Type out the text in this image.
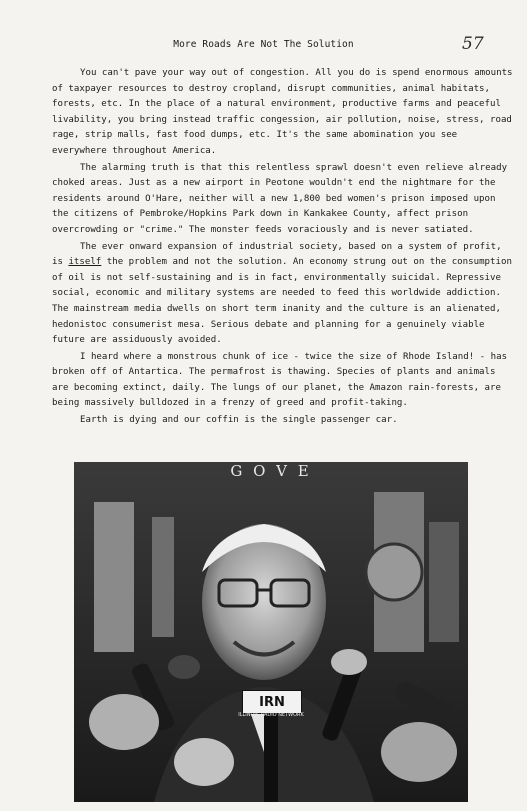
57
More Roads Are Not The Solution

You can't pave your way out of congestion. All you do is spend enormous amounts of taxpayer resources to destroy cropland, disrupt communities, animal habitats, forests, etc. In the place of a natural environment, productive farms and peaceful livability, you bring instead traffic congession, air pollution, noise, stress, road rage, strip malls, fast food dumps, etc. It's the same abomination you see everywhere throughout America.

The alarming truth is that this relentless sprawl doesn't even relieve already choked areas. Just as a new airport in Peotone wouldn't end the nightmare for the residents around O'Hare, neither will a new 1,800 bed women's prison imposed upon the citizens of Pembroke/Hopkins Park down in Kankakee County, affect prison overcrowding or "crime." The monster feeds voraciously and is never satiated.

The ever onward expansion of industrial society, based on a system of profit, is itself the problem and not the solution. An economy strung out on the consumption of oil is not self-sustaining and is in fact, environmentally suicidal. Repressive social, economic and military systems are needed to feed this worldwide addiction. The mainstream media dwells on short term inanity and the culture is an alienated, hedonistoc consumerist mesa. Serious debate and planning for a genuinely viable future are assiduously avoided.

I heard where a monstrous chunk of ice - twice the size of Rhode Island! - has broken off of Antartica. The permafrost is thawing. Species of plants and animals are becoming extinct, daily. The lungs of our planet, the Amazon rain-forests, are being massively bulldozed in a frenzy of greed and profit-taking.

Earth is dying and our coffin is the single passenger car.

G O V E
IRN
ILLINOIS RADIO NETWORK
